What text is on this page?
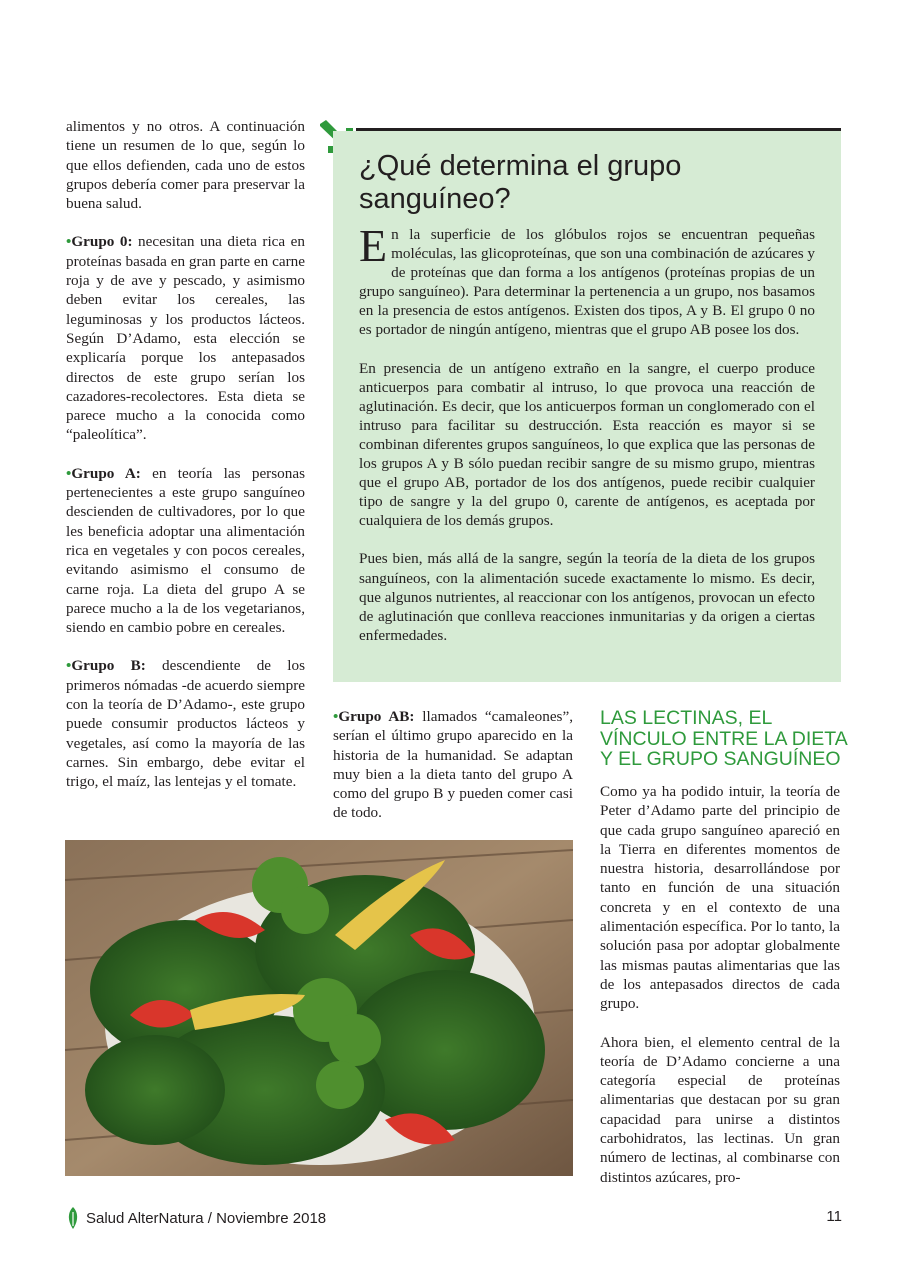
alimentos y no otros. A continuación tiene un resumen de lo que, según lo que ellos defienden, cada uno de estos grupos debería comer para preservar la buena salud.

•Grupo 0: necesitan una dieta rica en proteínas basada en gran parte en carne roja y de ave y pescado, y asimismo deben evitar los cereales, las leguminosas y los productos lácteos. Según D’Adamo, esta elección se explicaría porque los antepasados directos de este grupo serían los cazadores-recolectores. Esta dieta se parece mucho a la conocida como “paleolítica”.

•Grupo A: en teoría las personas pertenecientes a este grupo sanguíneo descienden de cultivadores, por lo que les beneficia adoptar una alimentación rica en vegetales y con pocos cereales, evitando asimismo el consumo de carne roja. La dieta del grupo A se parece mucho a la de los vegetarianos, siendo en cambio pobre en cereales.

•Grupo B: descendiente de los primeros nómadas -de acuerdo siempre con la teoría de D’Adamo-, este grupo puede consumir productos lácteos y vegetales, así como la mayoría de las carnes. Sin embargo, debe evitar el trigo, el maíz, las lentejas y el tomate.

¿Qué determina el grupo sanguíneo?

En la superficie de los glóbulos rojos se encuentran pequeñas moléculas, las glicoproteínas, que son una combinación de azúcares y de proteínas que dan forma a los antígenos (proteínas propias de un grupo sanguíneo). Para determinar la pertenencia a un grupo, nos basamos en la presencia de estos antígenos. Existen dos tipos, A y B. El grupo 0 no es portador de ningún antígeno, mientras que el grupo AB posee los dos.

En presencia de un antígeno extraño en la sangre, el cuerpo produce anticuerpos para combatir al intruso, lo que provoca una reacción de aglutinación. Es decir, que los anticuerpos forman un conglomerado con el intruso para facilitar su destrucción. Esta reacción es mayor si se combinan diferentes grupos sanguíneos, lo que explica que las personas de los grupos A y B sólo puedan recibir sangre de su mismo grupo, mientras que el grupo AB, portador de los dos antígenos, puede recibir cualquier tipo de sangre y la del grupo 0, carente de antígenos, es aceptada por cualquiera de los demás grupos.

Pues bien, más allá de la sangre, según la teoría de la dieta de los grupos sanguíneos, con la alimentación sucede exactamente lo mismo. Es decir, que algunos nutrientes, al reaccionar con los antígenos, provocan un efecto de aglutinación que conlleva reacciones inmunitarias y da origen a ciertas enfermedades.

•Grupo AB: llamados “camaleones”, serían el último grupo aparecido en la historia de la humanidad. Se adaptan muy bien a la dieta tanto del grupo A como del grupo B y pueden comer casi de todo.

LAS LECTINAS, EL VÍNCULO ENTRE LA DIETA Y EL GRUPO SANGUÍNEO

Como ya ha podido intuir, la teoría de Peter d’Adamo parte del principio de que cada grupo sanguíneo apareció en la Tierra en diferentes momentos de nuestra historia, desarrollándose por tanto en función de una situación concreta y en el contexto de una alimentación específica. Por lo tanto, la solución pasa por adoptar globalmente las mismas pautas alimentarias que las de los antepasados directos de cada grupo.

Ahora bien, el elemento central de la teoría de D’Adamo concierne a una categoría especial de proteínas alimentarias que destacan por su gran capacidad para unirse a distintos carbohidratos, las lectinas. Un gran número de lectinas, al combinarse con distintos azúcares, pro-

Salud AlterNatura / Noviembre 2018	11
